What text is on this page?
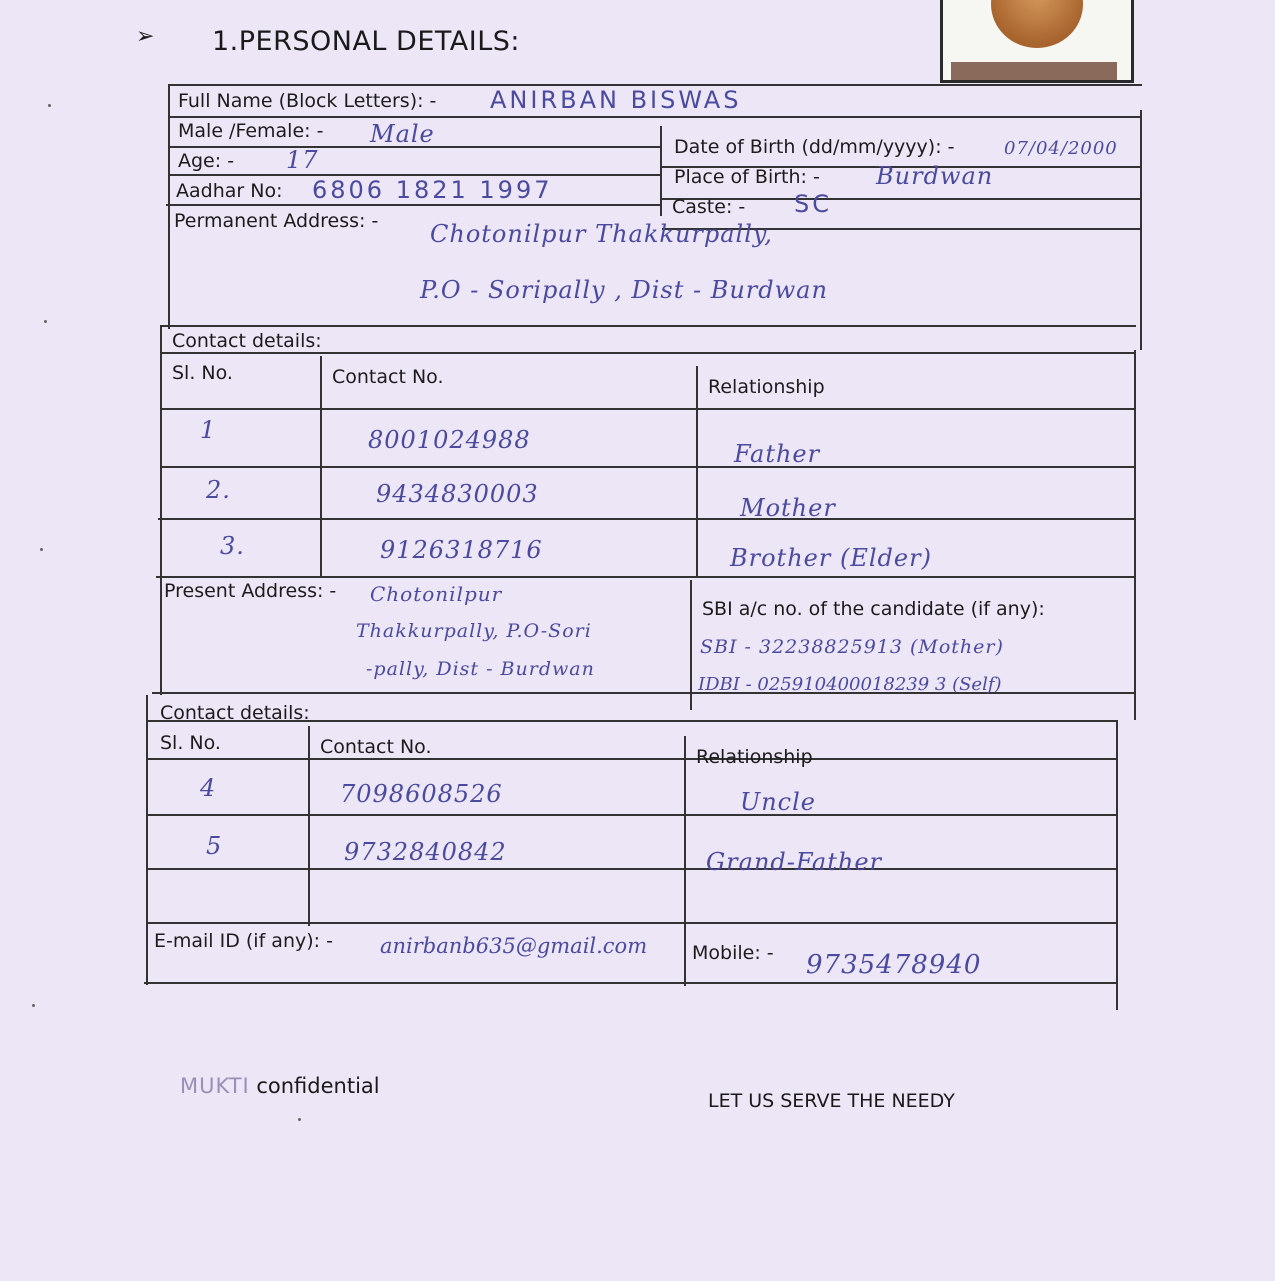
➢ 1.PERSONAL DETAILS:
Full Name (Block Letters): - ANIRBAN BISWAS
Male /Female: - Male	Date of Birth (dd/mm/yyyy): -	07/04/2000
Age: - 17
Place of Birth: - Burdwan
Aadhar No: 6806 1821 1997
Caste: - SC
Permanent Address: - Chotonilpur Thakkurpally,
P.O - Soripally , Dist - Burdwan
Contact details:
Sl. No.	Contact No.	Relationship
1	8001024988	Father
2.	9434830003	Mother
3.	9126318716	Brother (Elder)
Present Address: - Chotonilpur
Thakkurpally, P.O-Sori
-pally, Dist - Burdwan
SBI a/c no. of the candidate (if any):
SBI - 32238825913 (Mother)
IDBI - 025910400018239 3 (Self)
Contact details:
Sl. No.	Contact No.	Relationship
4	7098608526	Uncle
5	9732840842	Grand-Father
E-mail ID (if any): - anirbanb635@gmail.com Mobile: - 9735478940
MUKTI confidential
LET US SERVE THE NEEDY
